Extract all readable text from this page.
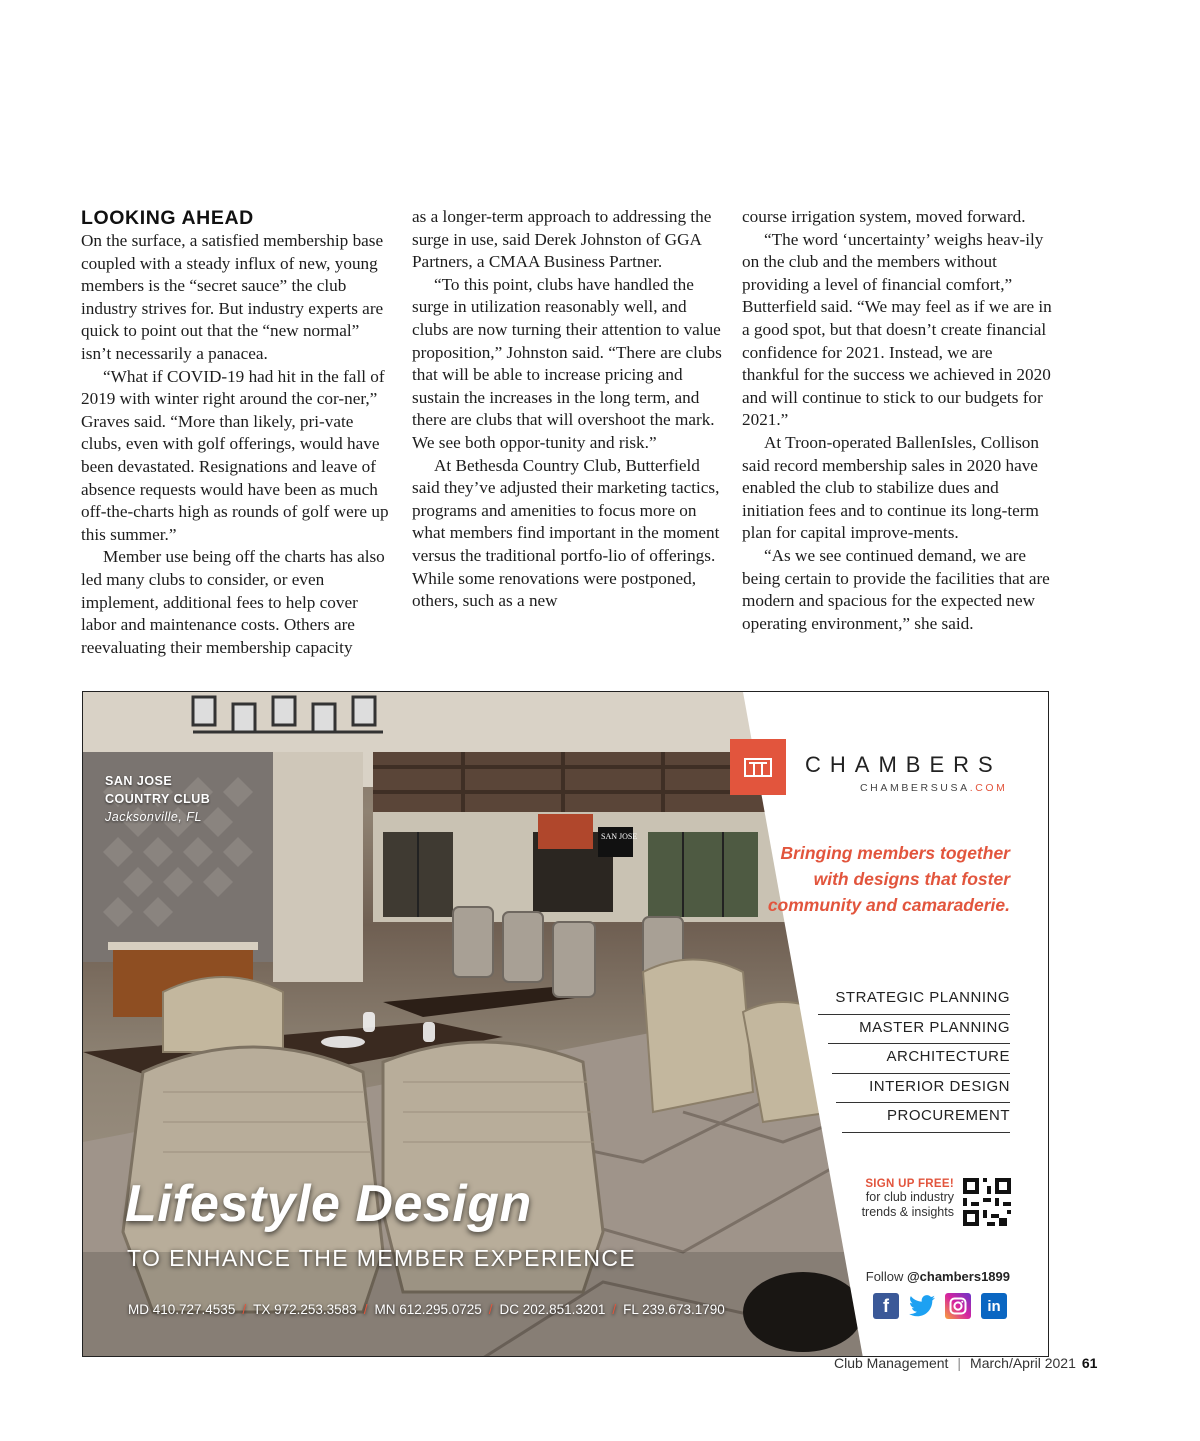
LOOKING AHEAD

On the surface, a satisfied membership base coupled with a steady influx of new, young members is the “secret sauce” the club industry strives for. But industry experts are quick to point out that the “new normal” isn’t necessarily a panacea.

“What if COVID-19 had hit in the fall of 2019 with winter right around the cor-ner,” Graves said. “More than likely, pri-vate clubs, even with golf offerings, would have been devastated. Resignations and leave of absence requests would have been as much off-the-charts high as rounds of golf were up this summer.”

Member use being off the charts has also led many clubs to consider, or even implement, additional fees to help cover labor and maintenance costs. Others are reevaluating their membership capacity

as a longer-term approach to addressing the surge in use, said Derek Johnston of GGA Partners, a CMAA Business Partner.

“To this point, clubs have handled the surge in utilization reasonably well, and clubs are now turning their attention to value proposition,” Johnston said. “There are clubs that will be able to increase pricing and sustain the increases in the long term, and there are clubs that will overshoot the mark. We see both oppor-tunity and risk.”

At Bethesda Country Club, Butterfield said they’ve adjusted their marketing tactics, programs and amenities to focus more on what members find important in the moment versus the traditional portfo-lio of offerings. While some renovations were postponed, others, such as a new

course irrigation system, moved forward.

“The word ‘uncertainty’ weighs heav-ily on the club and the members without providing a level of financial comfort,” Butterfield said. “We may feel as if we are in a good spot, but that doesn’t create financial confidence for 2021. Instead, we are thankful for the success we achieved in 2020 and will continue to stick to our budgets for 2021.”

At Troon-operated BallenIsles, Collison said record membership sales in 2020 have enabled the club to stabilize dues and initiation fees and to continue its long-term plan for capital improve-ments.

“As we see continued demand, we are being certain to provide the facilities that are modern and spacious for the expected new operating environment,” she said.

SAN JOSE
SAN JOSE
COUNTRY CLUB
Jacksonville, FL
Lifestyle Design
TO ENHANCE THE MEMBER EXPERIENCE
MD 410.727.4535 / TX 972.253.3583 / MN 612.295.0725 / DC 202.851.3201 / FL 239.673.1790
CHAMBERS
CHAMBERSUSA.COM
Bringing members together with designs that foster community and camaraderie.
STRATEGIC PLANNING
MASTER PLANNING
ARCHITECTURE
INTERIOR DESIGN
PROCUREMENT
SIGN UP FREE!
for club industry
trends & insights
Follow @chambers1899
f	in
Club Management | March/April 2021 61
